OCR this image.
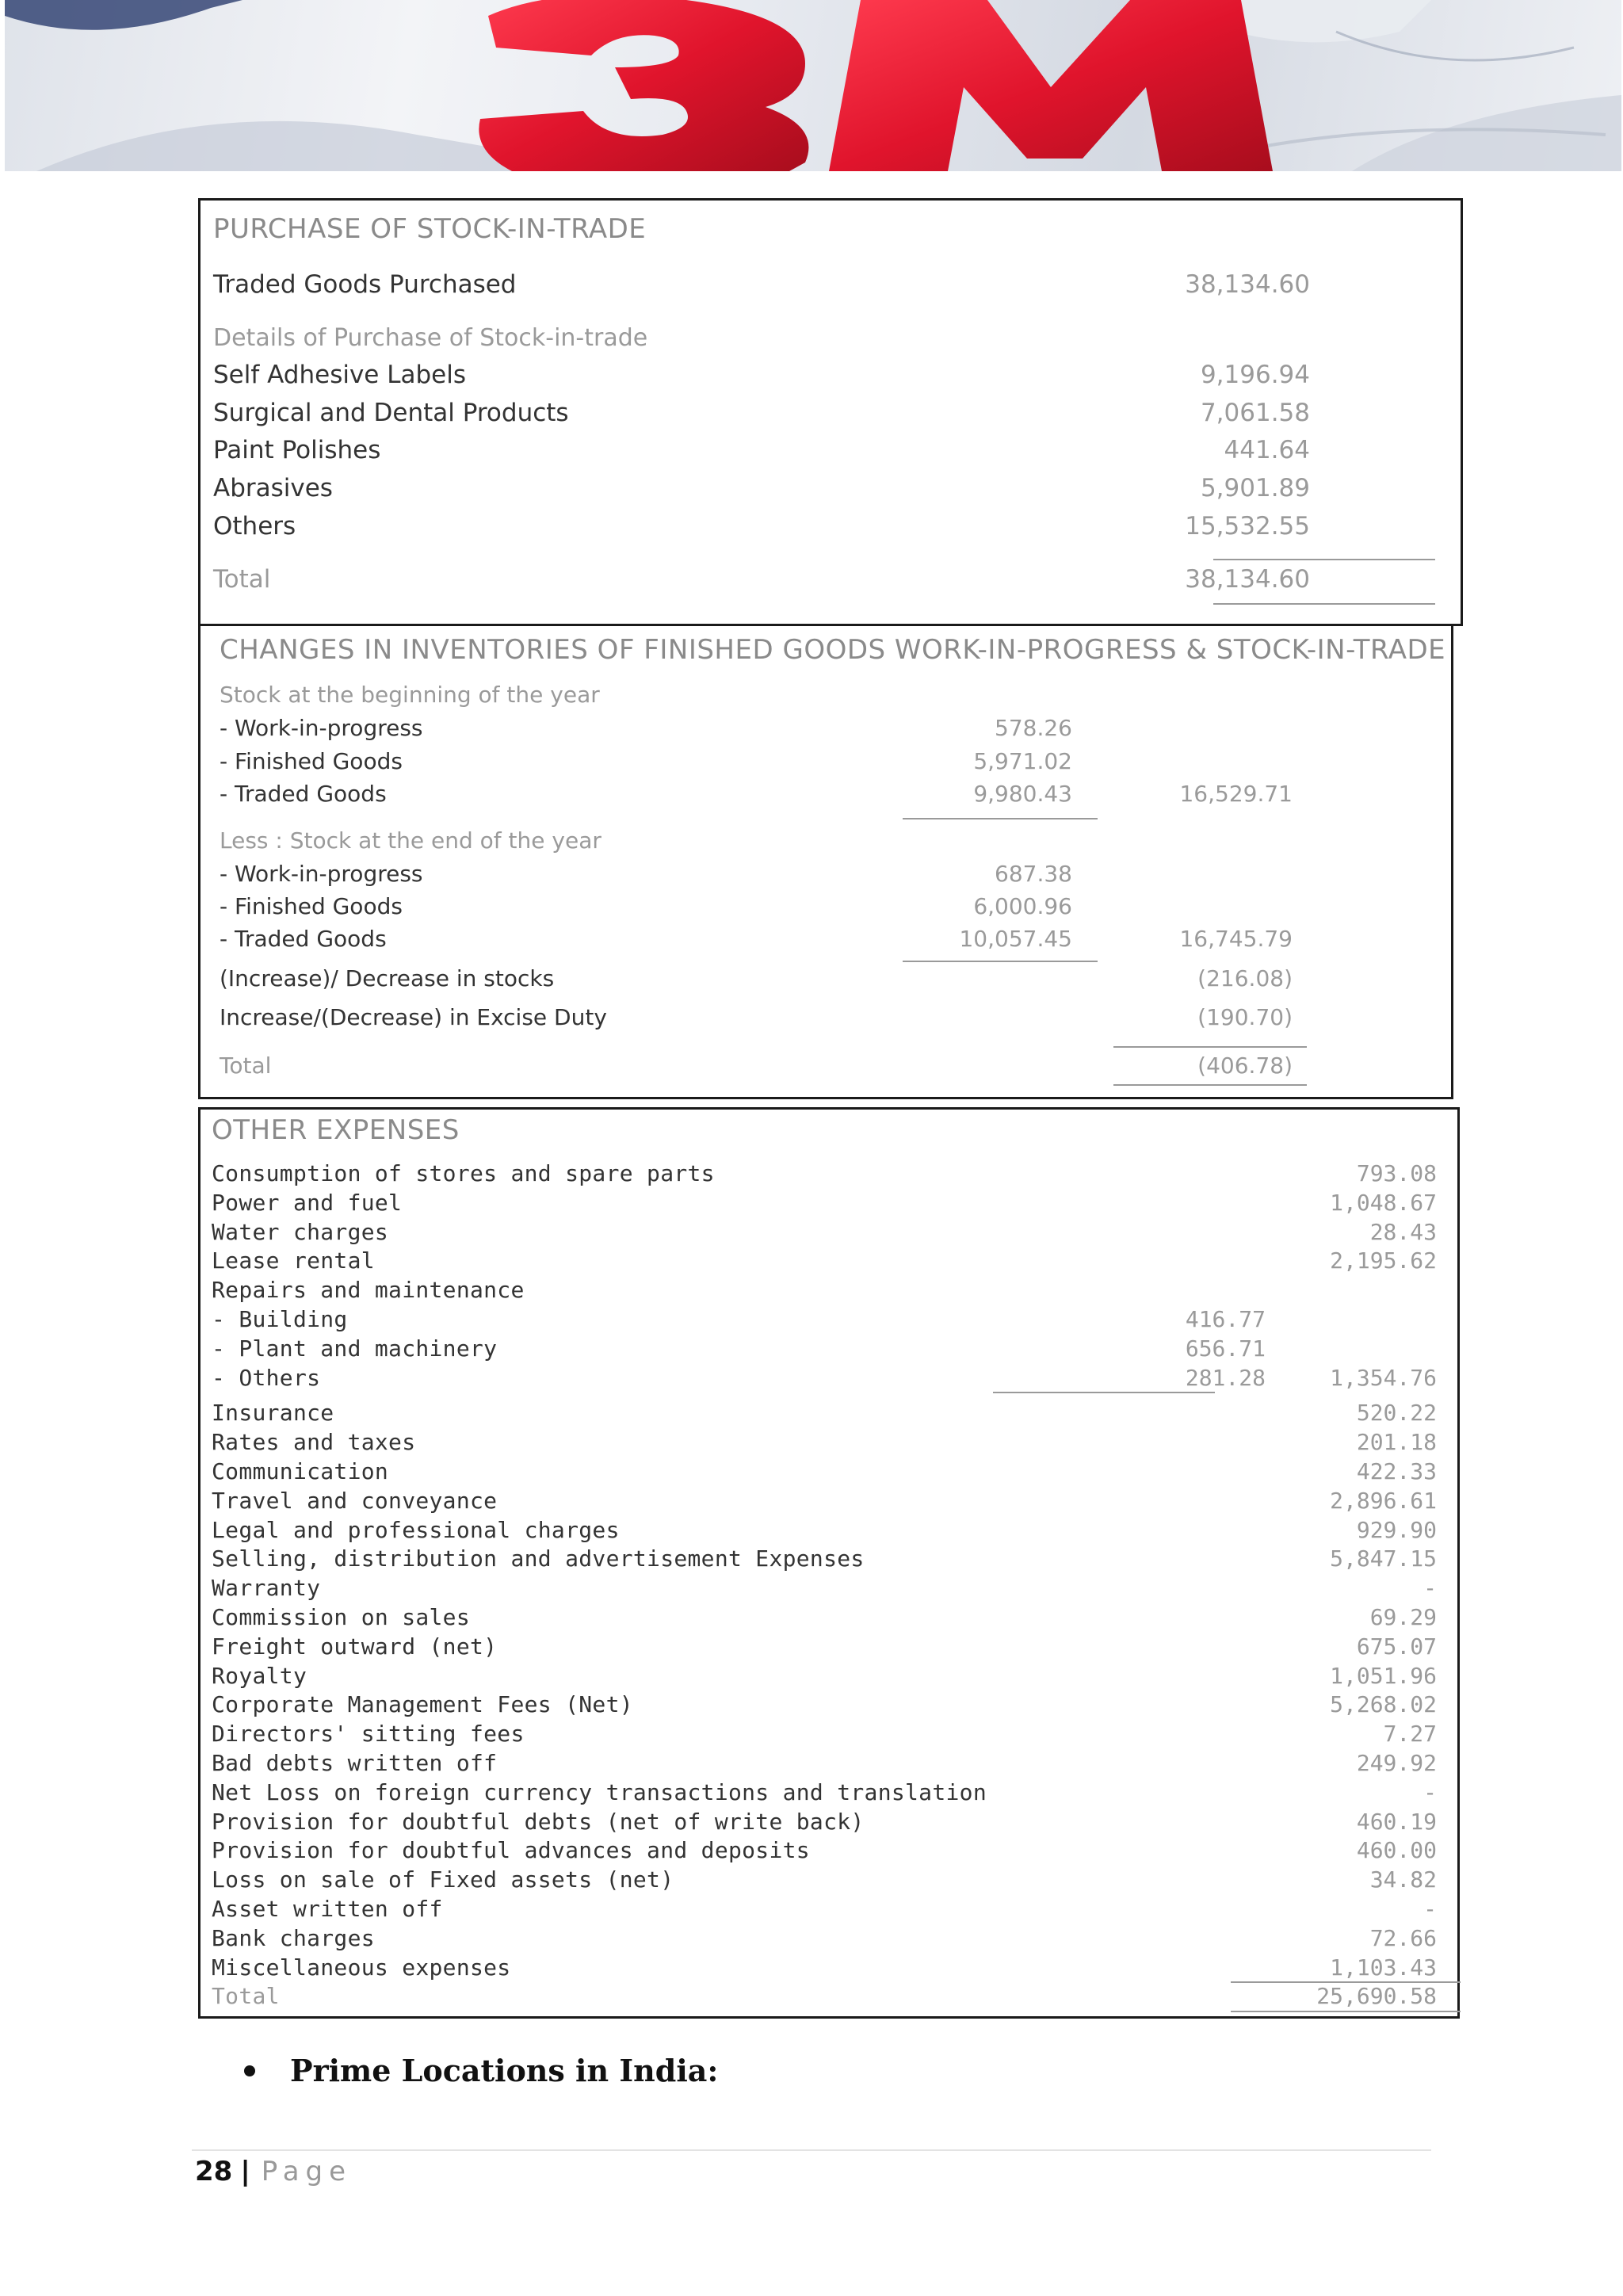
PURCHASE OF STOCK-IN-TRADE
Traded Goods Purchased	38,134.60
Details of Purchase of Stock-in-trade
Self Adhesive Labels	9,196.94
Surgical and Dental Products	7,061.58
Paint Polishes	441.64
Abrasives	5,901.89
Others	15,532.55
Total	38,134.60
CHANGES IN INVENTORIES OF FINISHED GOODS WORK-IN-PROGRESS & STOCK-IN-TRADE
Stock at the beginning of the year
- Work-in-progress	578.26
- Finished Goods	5,971.02
- Traded Goods	9,980.43	16,529.71
Less : Stock at the end of the year
- Work-in-progress	687.38
- Finished Goods	6,000.96
- Traded Goods	10,057.45	16,745.79
(Increase)/ Decrease in stocks	(216.08)
Increase/(Decrease) in Excise Duty	(190.70)
Total	(406.78)
OTHER EXPENSES
Consumption of stores and spare parts	793.08
Power and fuel	1,048.67
Water charges	28.43
Lease rental	2,195.62
Repairs and maintenance
- Building	416.77
- Plant and machinery	656.71
- Others	281.28	1,354.76
Insurance	520.22
Rates and taxes	201.18
Communication	422.33
Travel and conveyance	2,896.61
Legal and professional charges	929.90
Selling, distribution and advertisement Expenses	5,847.15
Warranty	-
Commission on sales	69.29
Freight outward (net)	675.07
Royalty	1,051.96
Corporate Management Fees (Net)	5,268.02
Directors' sitting fees	7.27
Bad debts written off	249.92
Net Loss on foreign currency transactions and translation	-
Provision for doubtful debts (net of write back)	460.19
Provision for doubtful advances and deposits	460.00
Loss on sale of Fixed assets (net)	34.82
Asset written off	-
Bank charges	72.66
Miscellaneous expenses	1,103.43
Total	25,690.58
Prime Locations in India:
28 | Page
